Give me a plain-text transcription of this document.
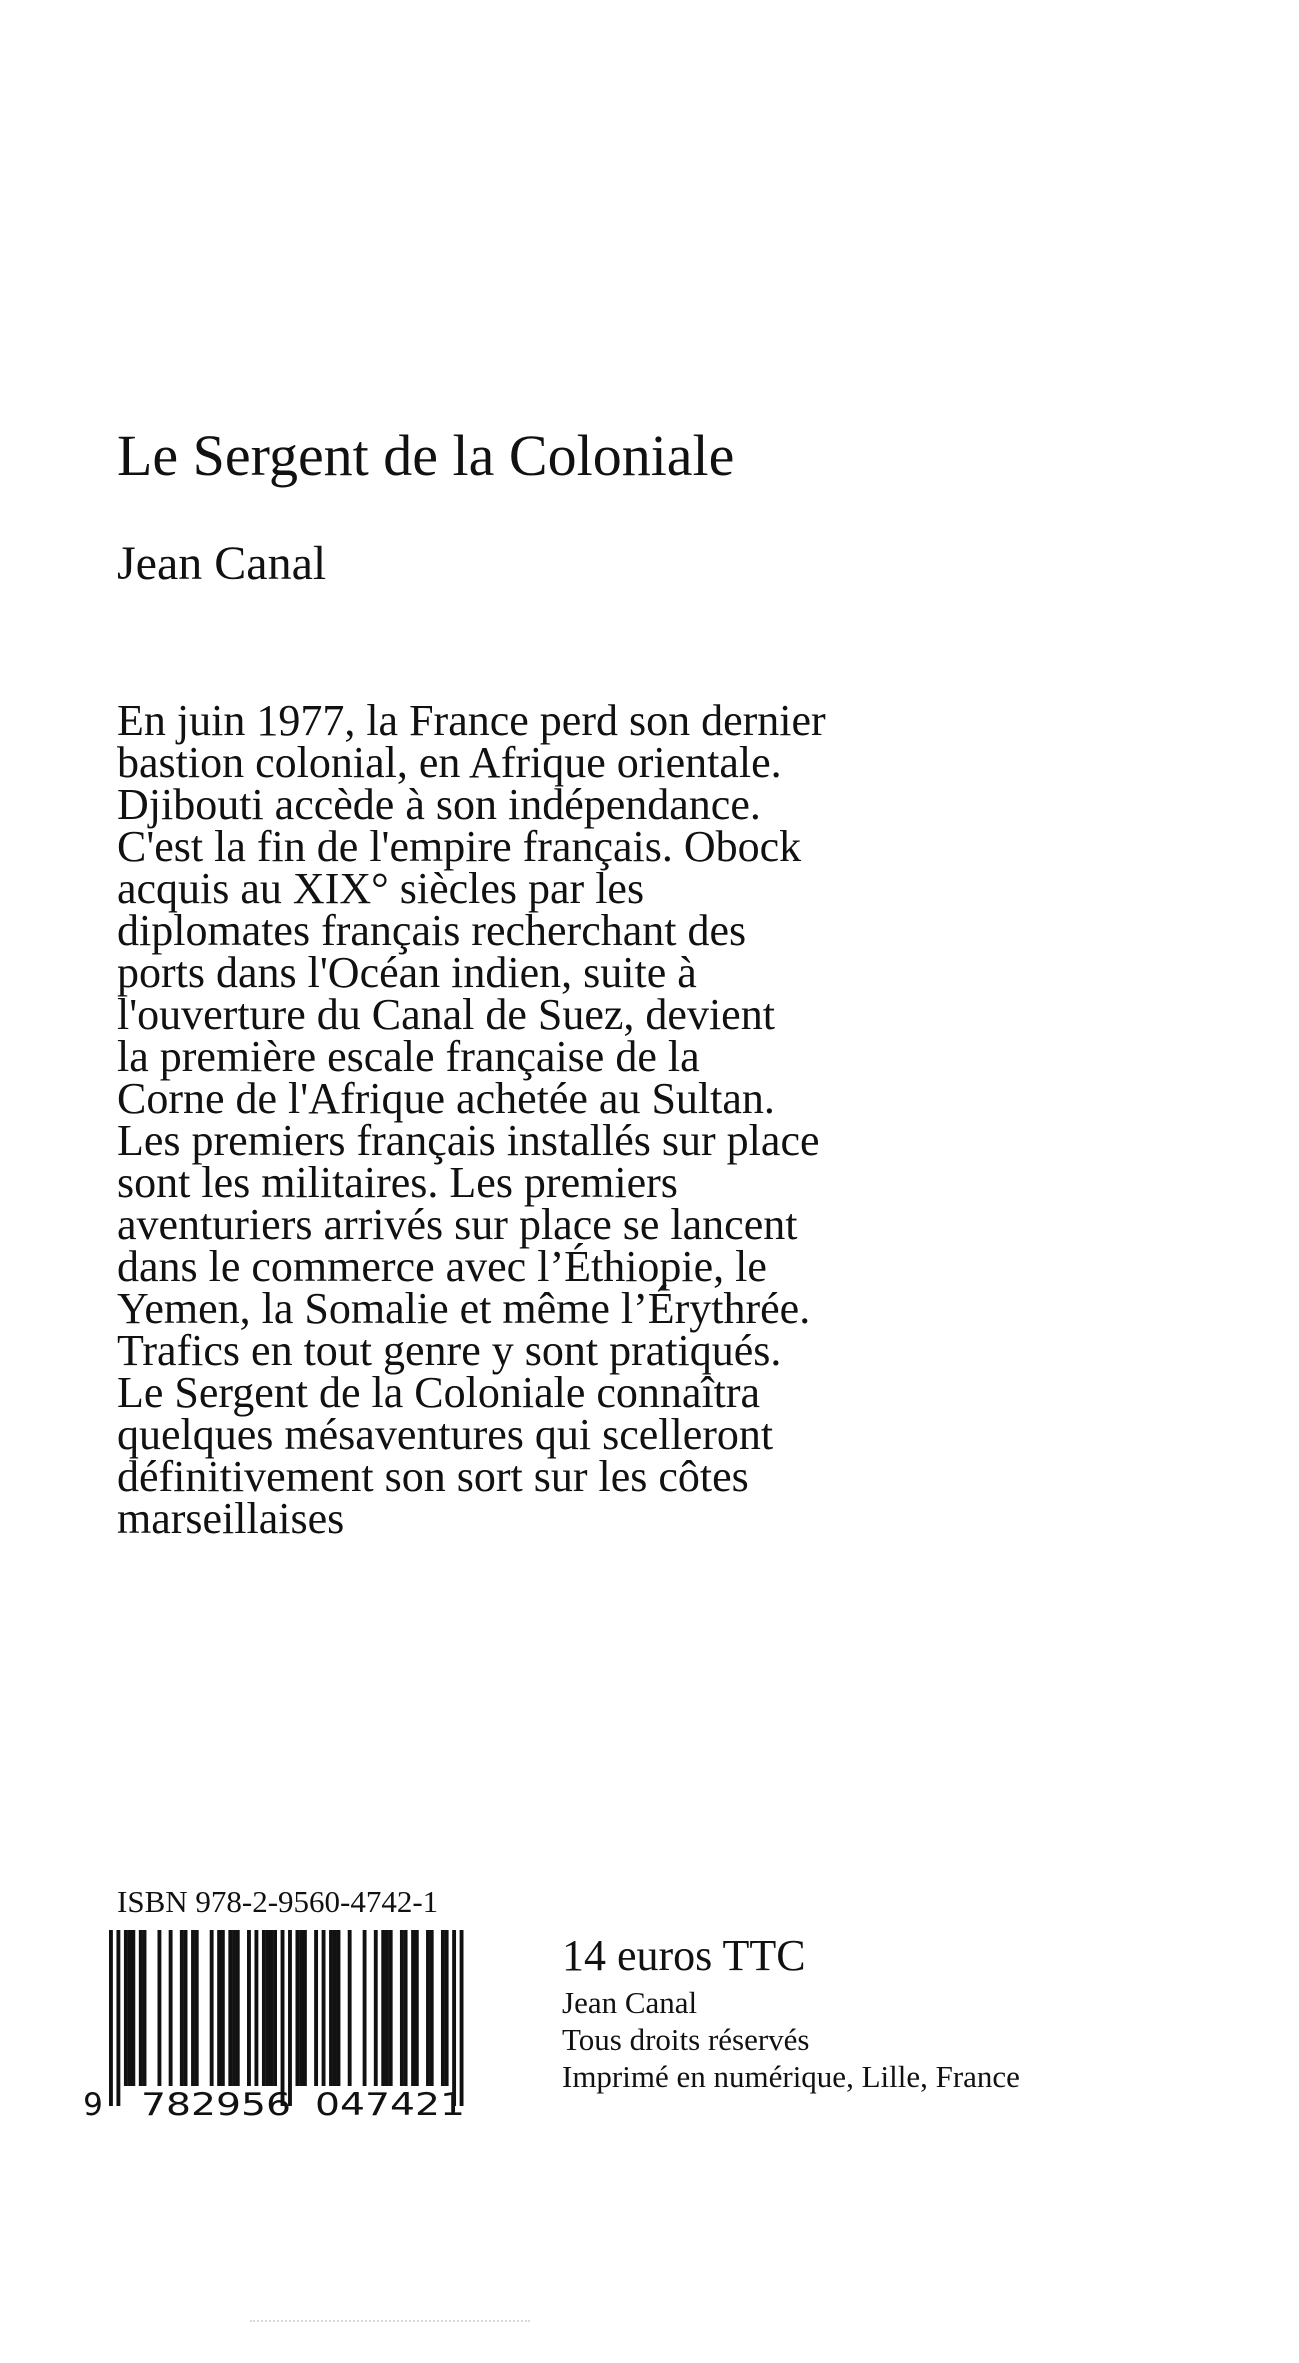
Le Sergent de la Coloniale
Jean Canal
En juin 1977, la France perd son dernier
bastion colonial, en Afrique orientale.
Djibouti accède à son indépendance.
C'est la fin de l'empire français. Obock
acquis au XIX° siècles par les
diplomates français recherchant des
ports dans l'Océan indien, suite à
l'ouverture du Canal de Suez, devient
la première escale française de la
Corne de l'Afrique achetée au Sultan.
Les premiers français installés sur place
sont les militaires. Les premiers
aventuriers arrivés sur place se lancent
dans le commerce avec l’Éthiopie, le
Yemen, la Somalie et même l’Érythrée.
Trafics en tout genre y sont pratiqués.
Le Sergent de la Coloniale connaîtra
quelques mésaventures qui scelleront
définitivement son sort sur les côtes
marseillaises
ISBN 978-2-9560-4742-1
9 782956 047421
14 euros TTC
Jean Canal
Tous droits réservés
Imprimé en numérique, Lille, France
